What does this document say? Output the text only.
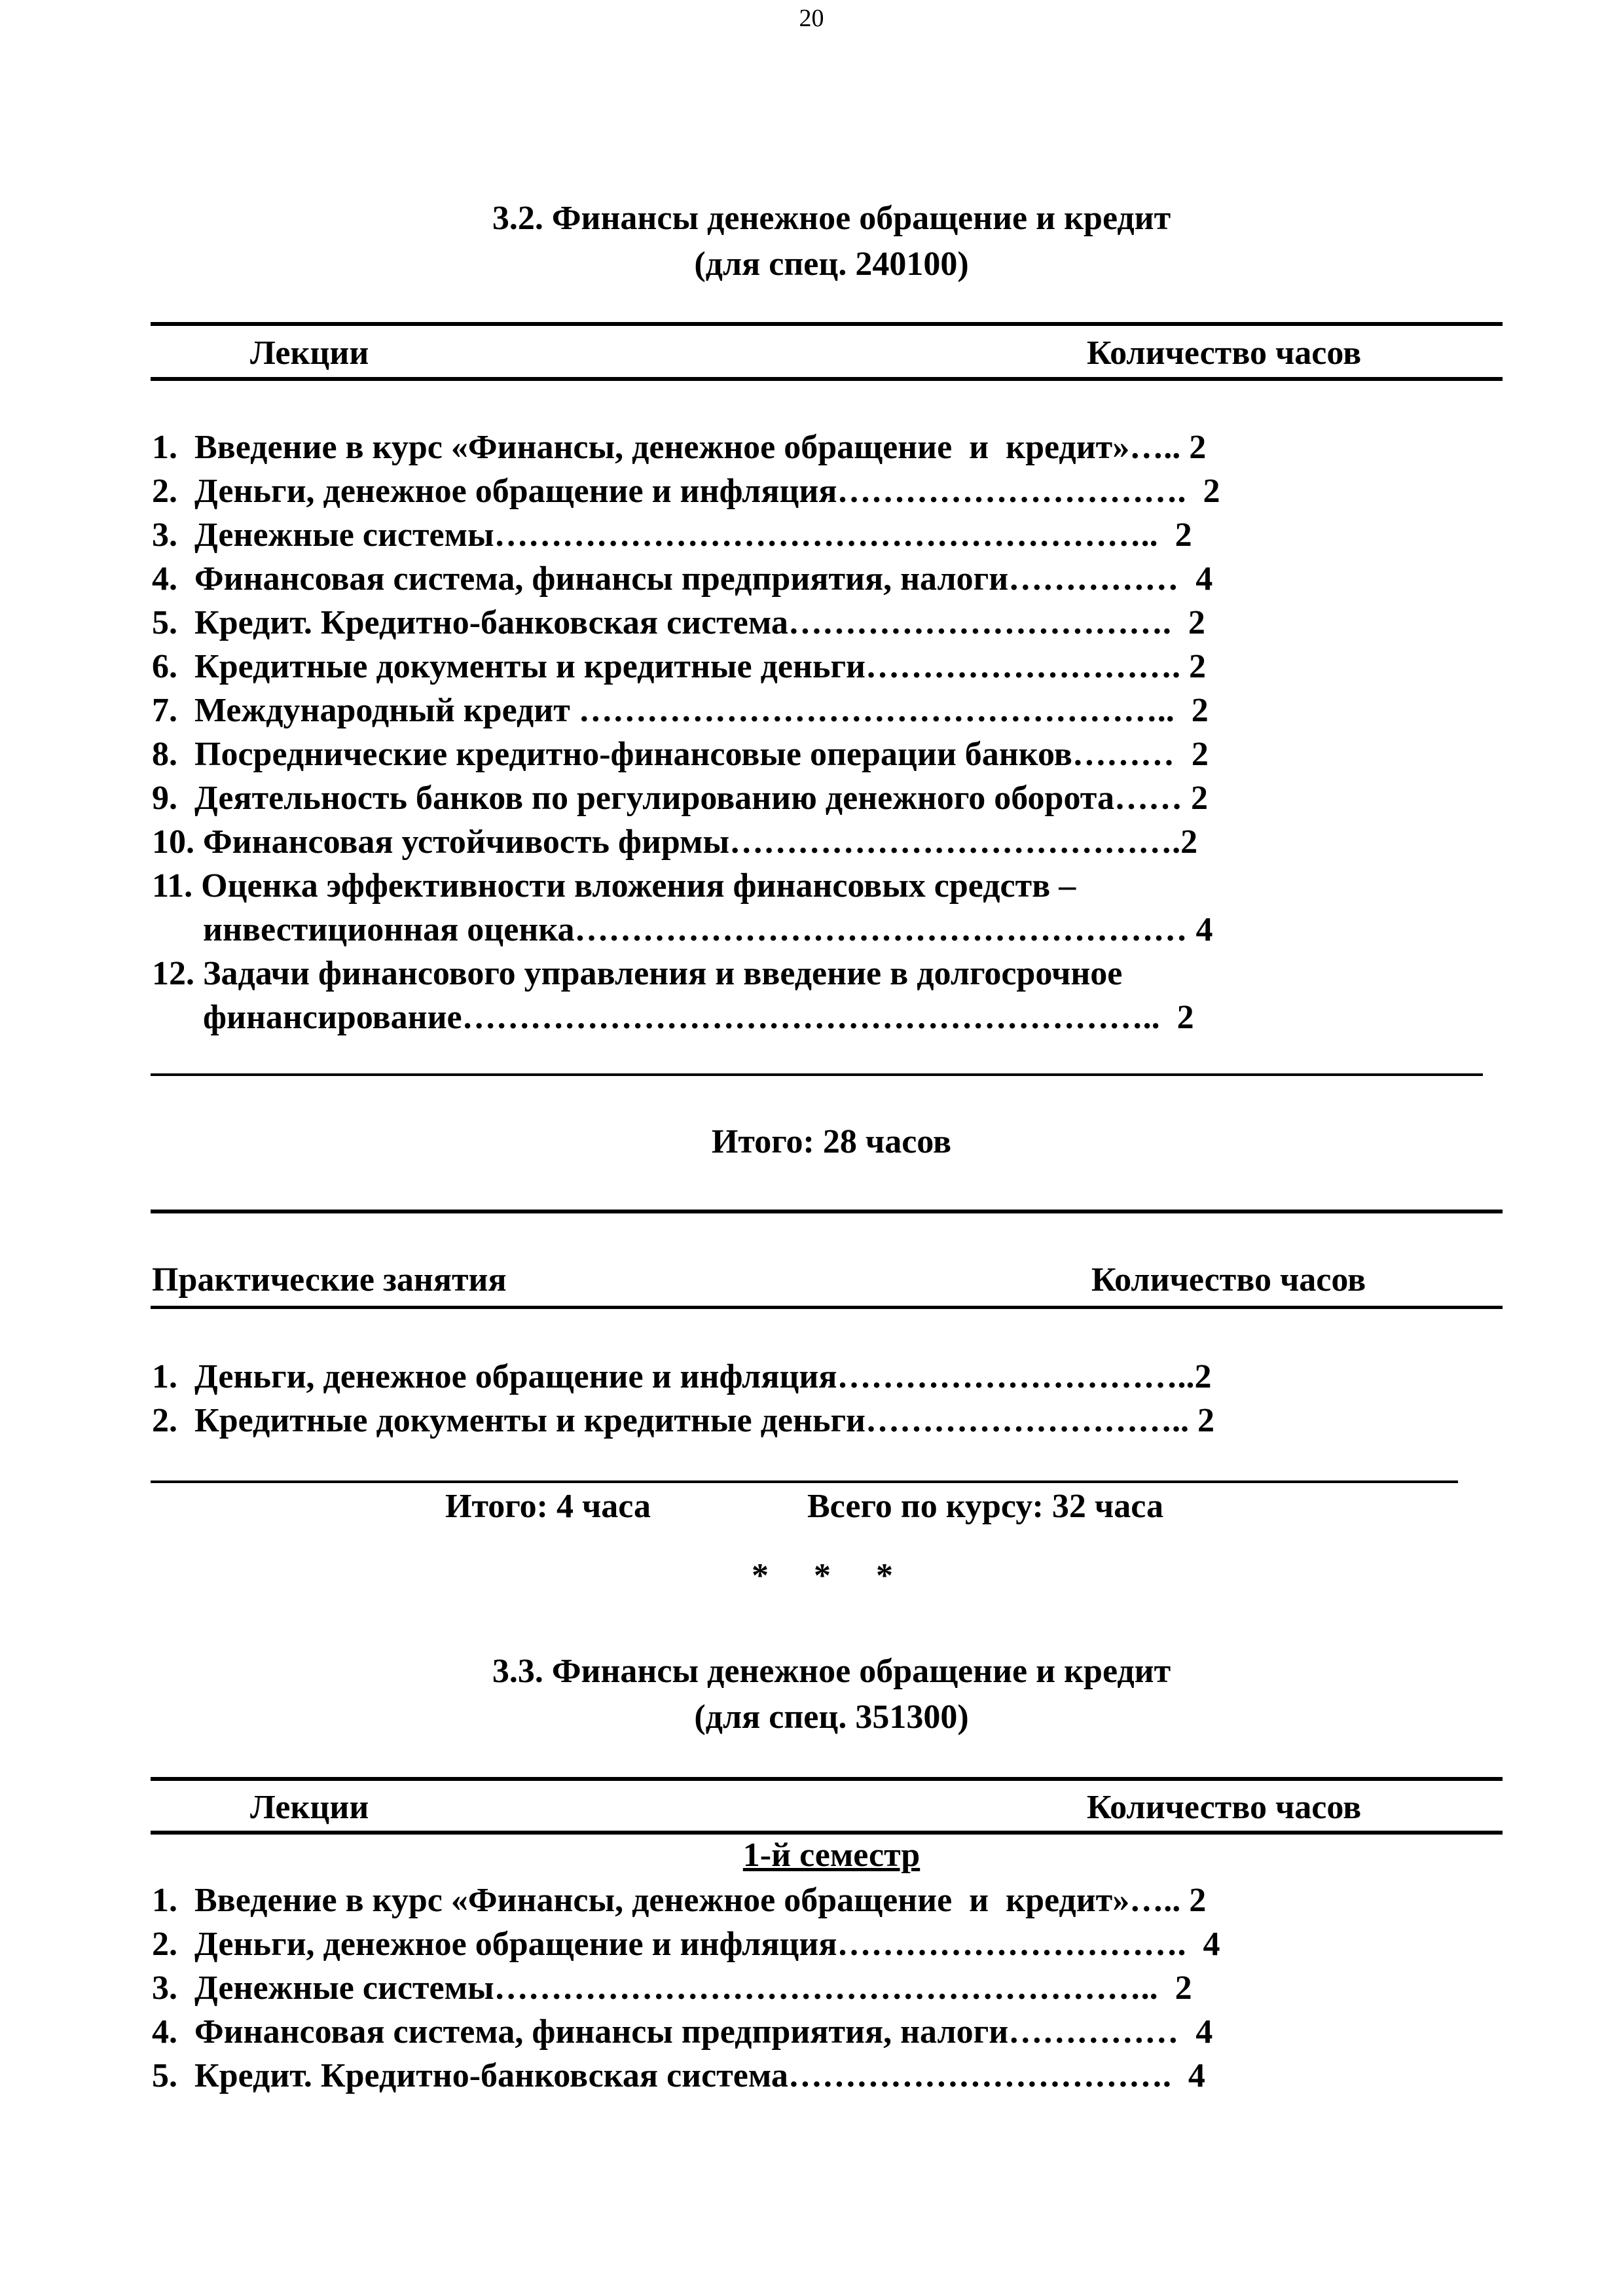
20
3.2. Финансы денежное обращение и кредит
(для спец. 240100)
Лекции	Количество часов
1.  Введение в курс «Финансы, денежное обращение  и  кредит»….. 2
2.  Деньги, денежное обращение и инфляция………………………….  2
3.  Денежные системы…………………………………………………..  2
4.  Финансовая система, финансы предприятия, налоги……………  4
5.  Кредит. Кредитно-банковская система…………………………….  2
6.  Кредитные документы и кредитные деньги………………………. 2
7.  Международный кредит ……………………………………………..  2
8.  Посреднические кредитно-финансовые операции банков………  2
9.  Деятельность банков по регулированию денежного оборота…… 2
10. Финансовая устойчивость фирмы………………………………….2
11. Оценка эффективности вложения финансовых средств –
инвестиционная оценка……………………………………………… 4
12. Задачи финансового управления и введение в долгосрочное
финансирование……………………………………………………..  2
Итого: 28 часов
Практические занятия	Количество часов
1.  Деньги, денежное обращение и инфляция…………………………..2
2.  Кредитные документы и кредитные деньги……………………….. 2
Итого: 4 часа	Всего по курсу: 32 часа
* * *
3.3. Финансы денежное обращение и кредит
(для спец. 351300)
Лекции	Количество часов
1-й семестр
1.  Введение в курс «Финансы, денежное обращение  и  кредит»….. 2
2.  Деньги, денежное обращение и инфляция………………………….  4
3.  Денежные системы…………………………………………………..  2
4.  Финансовая система, финансы предприятия, налоги……………  4
5.  Кредит. Кредитно-банковская система…………………………….  4
